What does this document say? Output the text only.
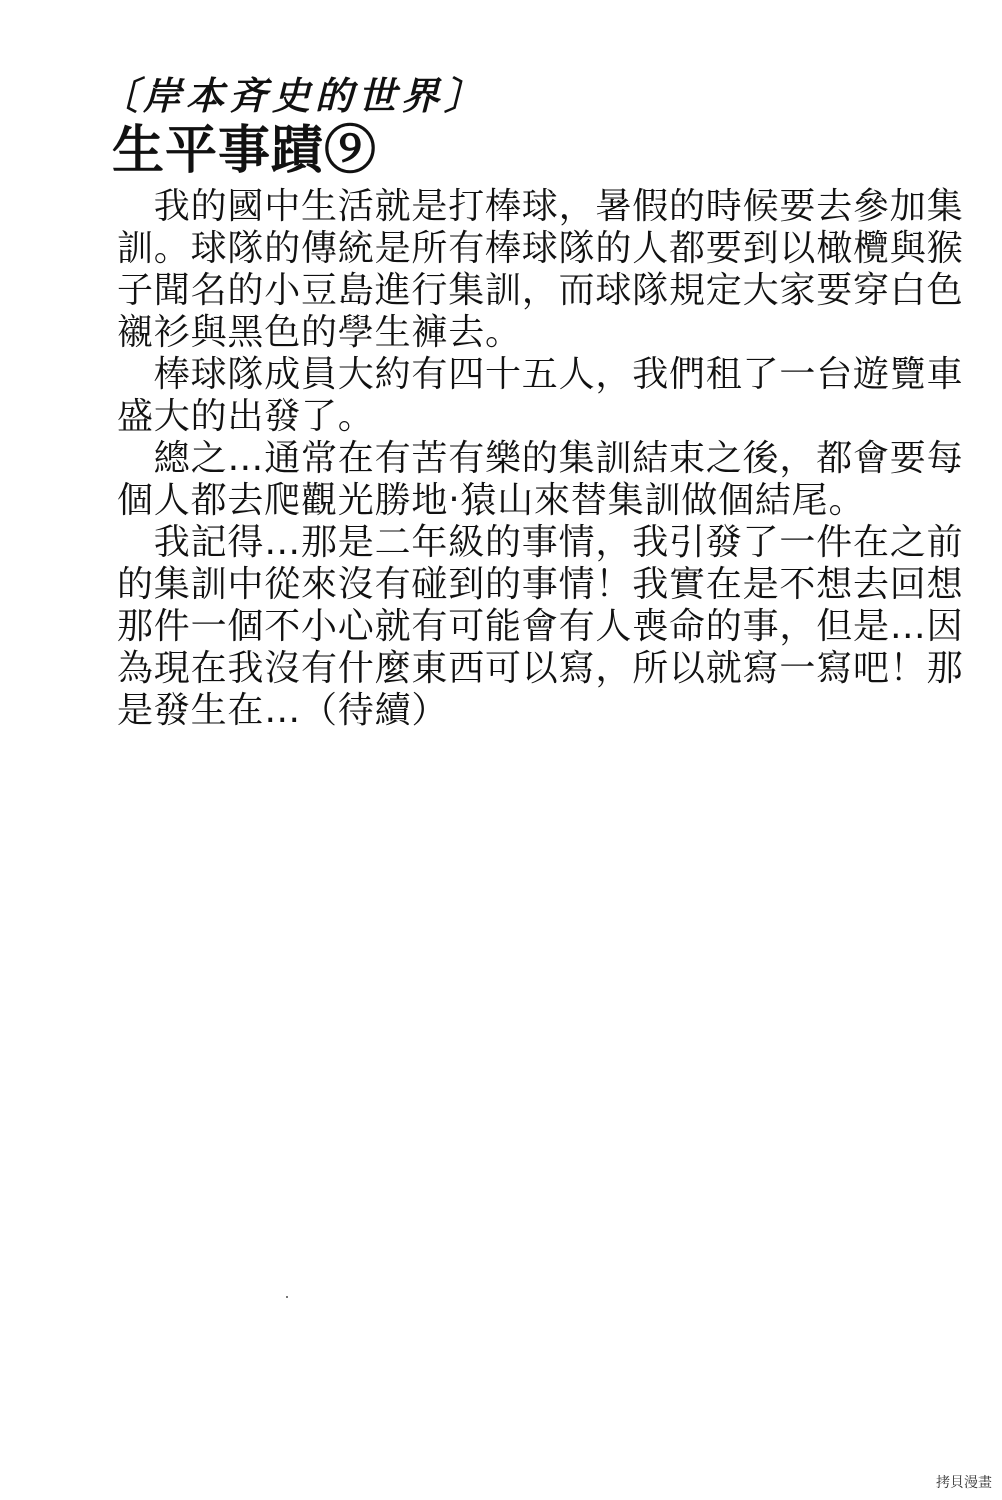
〔岸本斉史的世界〕
生平事蹟⑨
　我的國中生活就是打棒球，暑假的時候要去參加集
訓。球隊的傳統是所有棒球隊的人都要到以橄欖與猴
子聞名的小豆島進行集訓，而球隊規定大家要穿白色
襯衫與黑色的學生褲去。
　棒球隊成員大約有四十五人，我們租了一台遊覽車
盛大的出發了。
　總之…通常在有苦有樂的集訓結束之後，都會要每
個人都去爬觀光勝地‧猿山來替集訓做個結尾。
　我記得…那是二年級的事情，我引發了一件在之前
的集訓中從來沒有碰到的事情！我實在是不想去回想
那件一個不小心就有可能會有人喪命的事，但是…因
為現在我沒有什麼東西可以寫，所以就寫一寫吧！那
是發生在…（待續）
拷貝漫畫
